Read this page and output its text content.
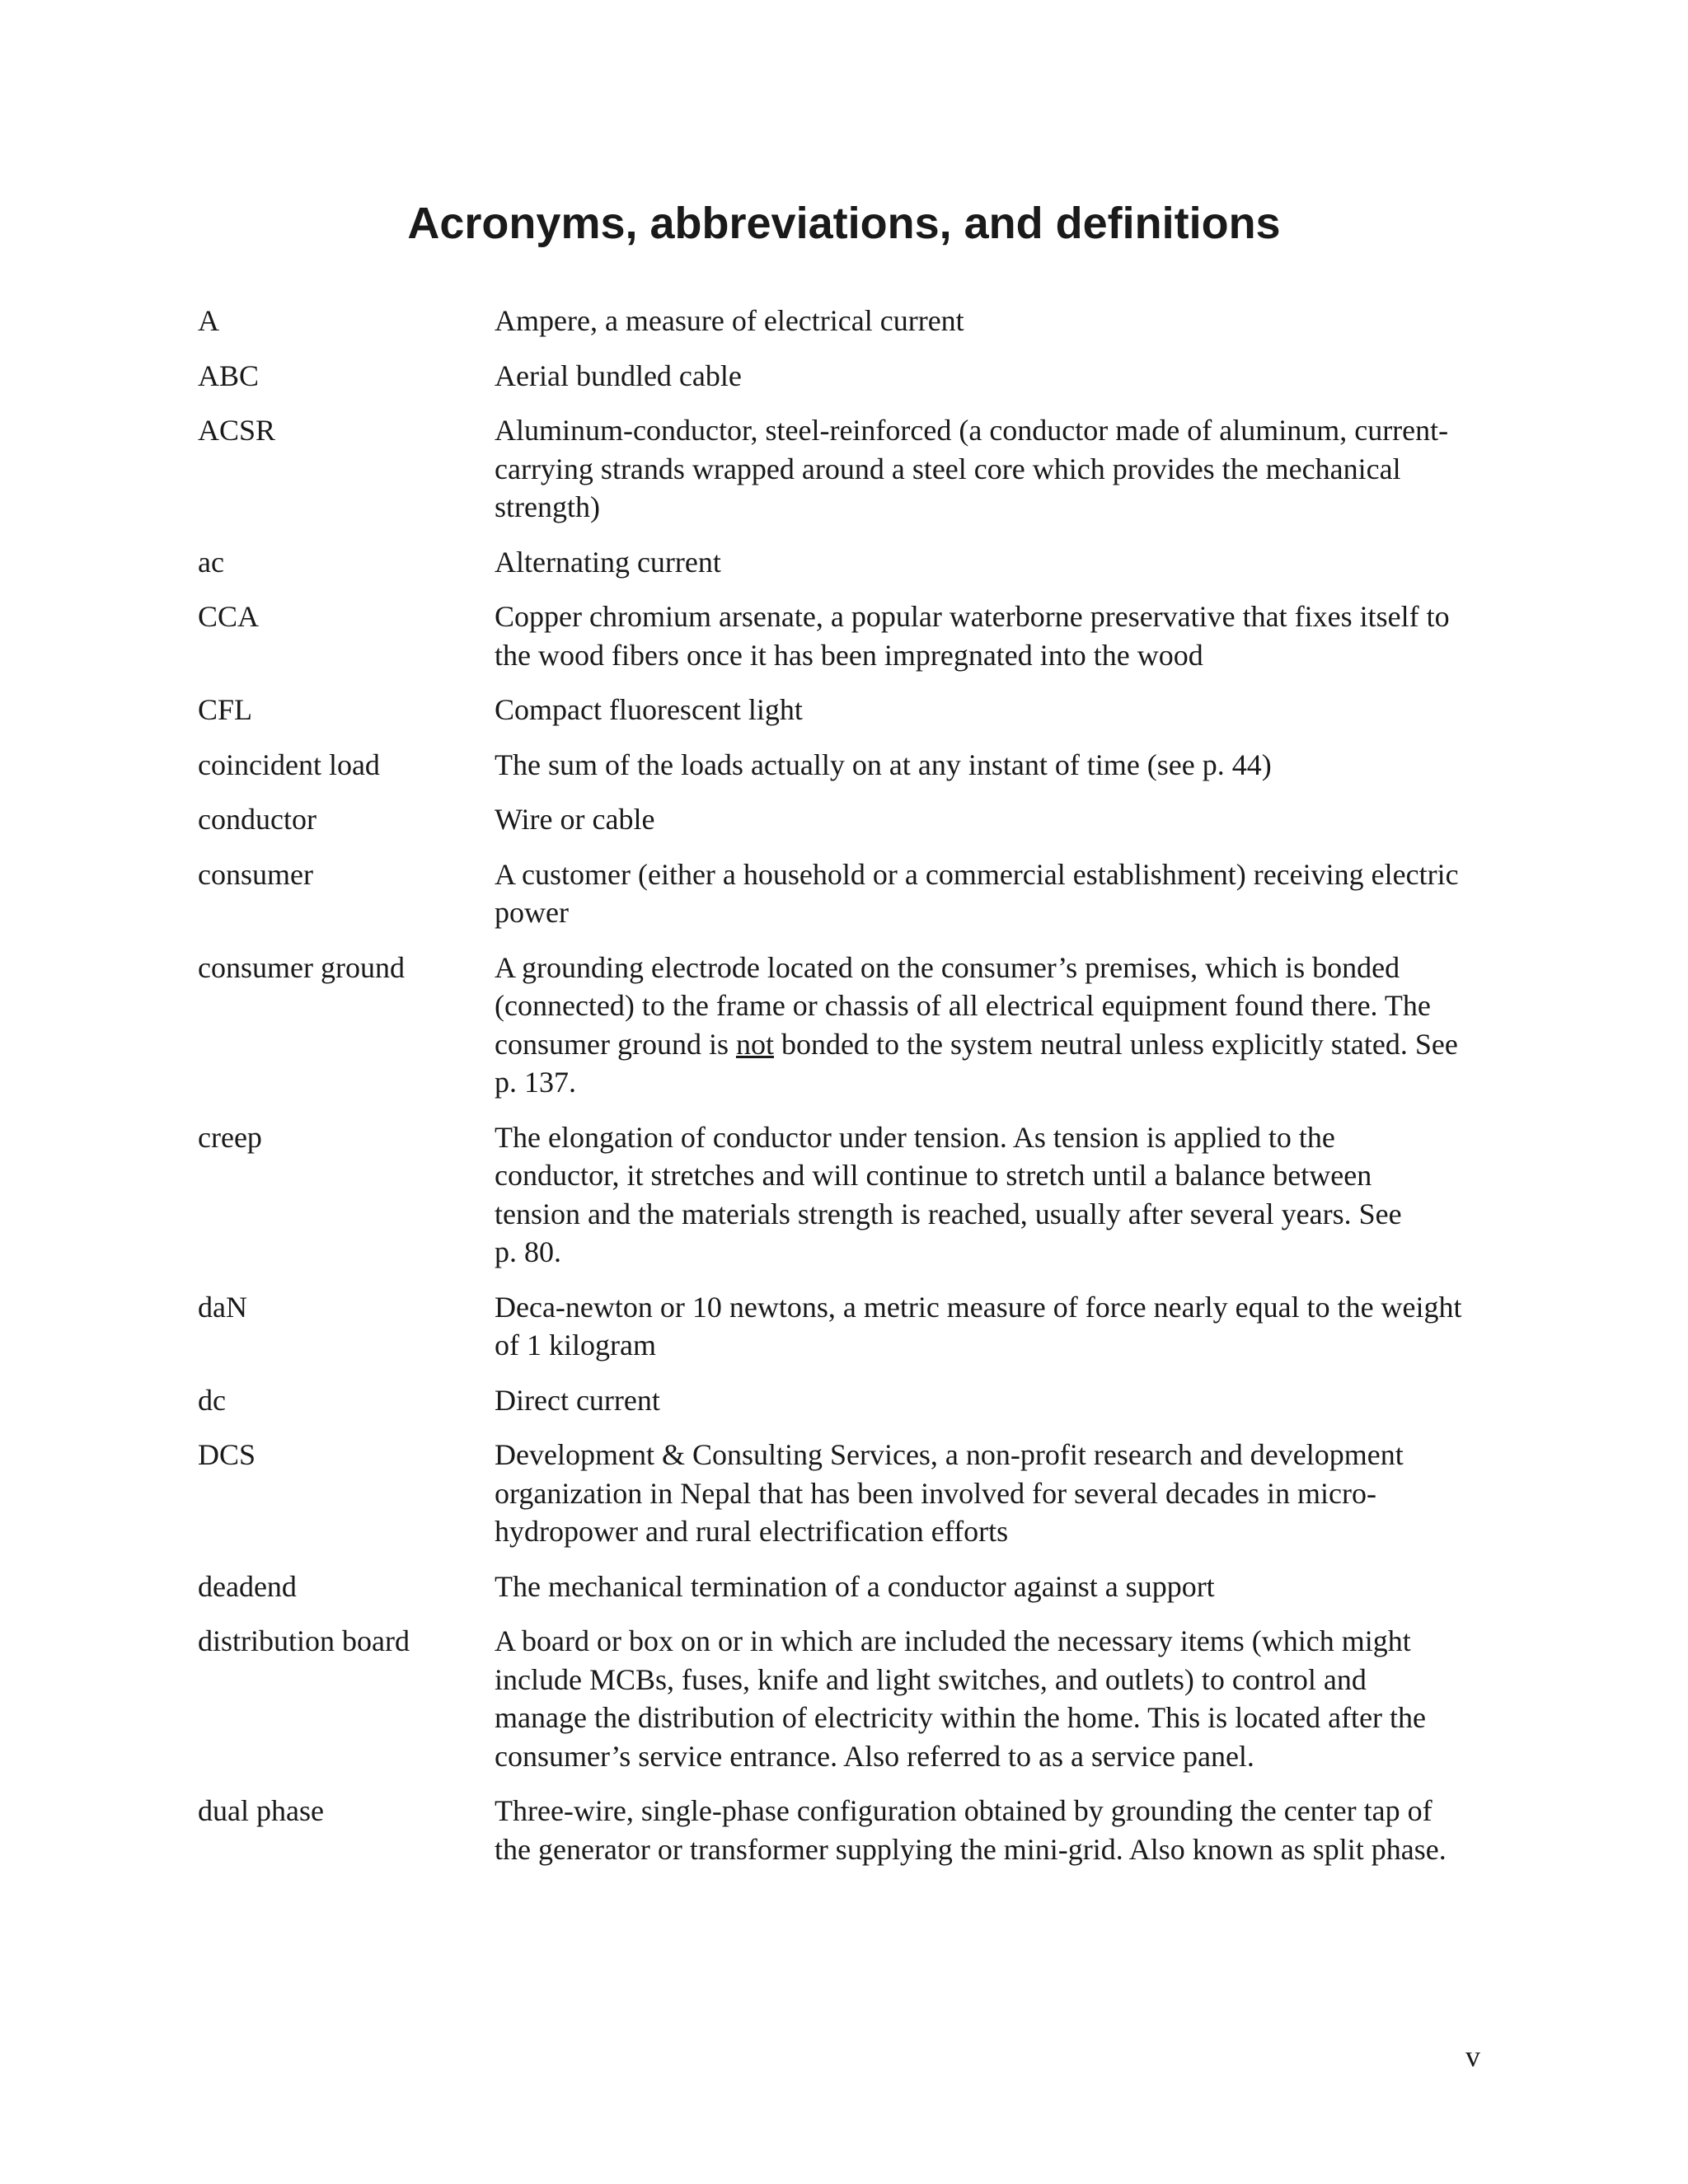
Acronyms, abbreviations, and definitions
A	Ampere, a measure of electrical current
ABC	Aerial bundled cable
ACSR	Aluminum-conductor, steel-reinforced (a conductor made of aluminum, current-
carrying strands wrapped around a steel core which provides the mechanical
strength)
ac	Alternating current
CCA	Copper chromium arsenate, a popular waterborne preservative that fixes itself to
the wood fibers once it has been impregnated into the wood
CFL	Compact fluorescent light
coincident load	The sum of the loads actually on at any instant of time (see p. 44)
conductor	Wire or cable
consumer	A customer (either a household or a commercial establishment) receiving electric
power
consumer ground	A grounding electrode located on the consumer’s premises, which is bonded
(connected) to the frame or chassis of all electrical equipment found there. The
consumer ground is not bonded to the system neutral unless explicitly stated. See
p. 137.
creep	The elongation of conductor under tension. As tension is applied to the
conductor, it stretches and will continue to stretch until a balance between
tension and the materials strength is reached, usually after several years. See
p. 80.
daN	Deca-newton or 10 newtons, a metric measure of force nearly equal to the weight
of 1 kilogram
dc	Direct current
DCS	Development & Consulting Services, a non-profit research and development
organization in Nepal that has been involved for several decades in micro-
hydropower and rural electrification efforts
deadend	The mechanical termination of a conductor against a support
distribution board	A board or box on or in which are included the necessary items (which might
include MCBs, fuses, knife and light switches, and outlets) to control and
manage the distribution of electricity within the home. This is located after the
consumer’s service entrance. Also referred to as a service panel.
dual phase	Three-wire, single-phase configuration obtained by grounding the center tap of
the generator or transformer supplying the mini-grid. Also known as split phase.
v
